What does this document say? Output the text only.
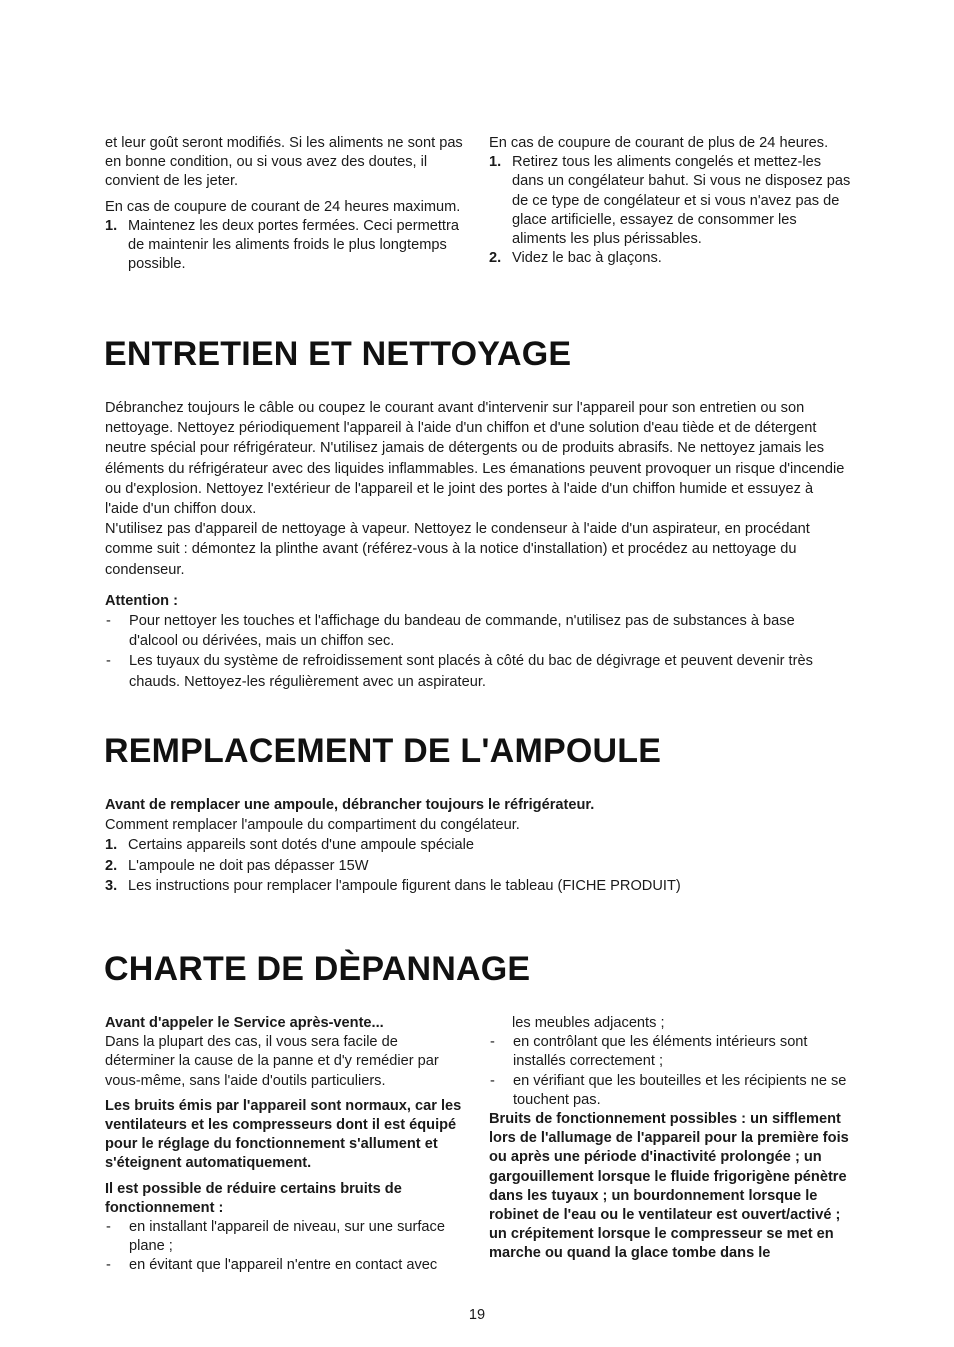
et leur goût seront modifiés. Si les aliments ne sont pas en bonne condition, ou si vous avez des doutes, il convient de les jeter.

En cas de coupure de courant de 24 heures maximum.

1. Maintenez les deux portes fermées. Ceci permettra de maintenir les aliments froids le plus longtemps possible.

En cas de coupure de courant de plus de 24 heures.

1. Retirez tous les aliments congelés et mettez-les dans un congélateur bahut. Si vous ne disposez pas de ce type de congélateur et si vous n'avez pas de glace artificielle, essayez de consommer les aliments les plus périssables.
2. Videz le bac à glaçons.
ENTRETIEN ET NETTOYAGE

Débranchez toujours le câble ou coupez le courant avant d'intervenir sur l'appareil pour son entretien ou son nettoyage. Nettoyez périodiquement l'appareil à l'aide d'un chiffon et d'une solution d'eau tiède et de détergent neutre spécial pour réfrigérateur. N'utilisez jamais de détergents ou de produits abrasifs. Ne nettoyez jamais les éléments du réfrigérateur avec des liquides inflammables. Les émanations peuvent provoquer un risque d'incendie ou d'explosion. Nettoyez l'extérieur de l'appareil et le joint des portes à l'aide d'un chiffon humide et essuyez à l'aide d'un chiffon doux.

N'utilisez pas d'appareil de nettoyage à vapeur. Nettoyez le condenseur à l'aide d'un aspirateur, en procédant comme suit : démontez la plinthe avant (référez-vous à la notice d'installation) et procédez au nettoyage du condenseur.

Attention :

-	Pour nettoyer les touches et l'affichage du bandeau de commande, n'utilisez pas de substances à base d'alcool ou dérivées, mais un chiffon sec.
-	Les tuyaux du système de refroidissement sont placés à côté du bac de dégivrage et peuvent devenir très chauds. Nettoyez-les régulièrement avec un aspirateur.
REMPLACEMENT DE L'AMPOULE

Avant de remplacer une ampoule, débrancher toujours le réfrigérateur.

Comment remplacer l'ampoule du compartiment du congélateur.

1. Certains appareils sont dotés d'une ampoule spéciale
2. L'ampoule ne doit pas dépasser 15W
3. Les instructions pour remplacer l'ampoule figurent dans le tableau (FICHE PRODUIT)
CHARTE DE DÈPANNAGE

Avant d'appeler le Service après-vente...

Dans la plupart des cas, il vous sera facile de déterminer la cause de la panne et d'y remédier par vous-même, sans l'aide d'outils particuliers.

Les bruits émis par l'appareil sont normaux, car les ventilateurs et les compresseurs dont il est équipé pour le réglage du fonctionnement s'allument et s'éteignent automatiquement.

Il est possible de réduire certains bruits de fonctionnement :

-	en installant l'appareil de niveau, sur une surface plane ;
-	en évitant que l'appareil n'entre en contact avec

les meubles adjacents ;

-	en contrôlant que les éléments intérieurs sont installés correctement ;
-	en vérifiant que les bouteilles et les récipients ne se touchent pas.

Bruits de fonctionnement possibles : un sifflement lors de l'allumage de l'appareil pour la première fois ou après une période d'inactivité prolongée ; un gargouillement lorsque le fluide frigorigène pénètre dans les tuyaux ; un bourdonnement lorsque le robinet de l'eau ou le ventilateur est ouvert/activé ; un crépitement lorsque le compresseur se met en marche ou quand la glace tombe dans le

19
